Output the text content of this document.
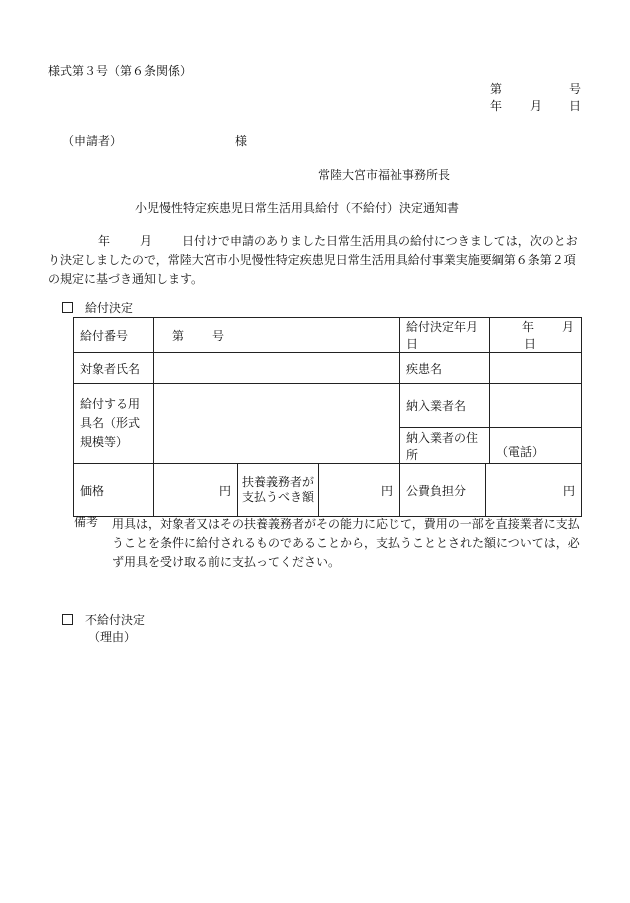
様式第３号（第６条関係）
第	号
年 月 日
（申請者）	様
常陸大宮市福祉事務所長
小児慢性特定疾患児日常生活用具給付（不給付）決定通知書
年	月	日付けで申請のありました日常生活用具の給付につきましては，次のとおり決定しましたので，常陸大宮市小児慢性特定疾患児日常生活用具給付事業実施要綱第６条第２項の規定に基づき通知します。
給付決定
給付番号	第 号			給付決定年月日	年 月日
対象者氏名				疾患名	
給付する用具名（形式規模等）				納入業者名	
				納入業者の住所	（電話）
価格	円	扶養義務者が支払うべき額	円	公費負担分 円	
備考 用具は，対象者又はその扶養義務者がその能力に応じて，費用の一部を直接業者に支払うことを条件に給付されるものであることから，支払うこととされた額については，必ず用具を受け取る前に支払ってください。
不給付決定
（理由）
